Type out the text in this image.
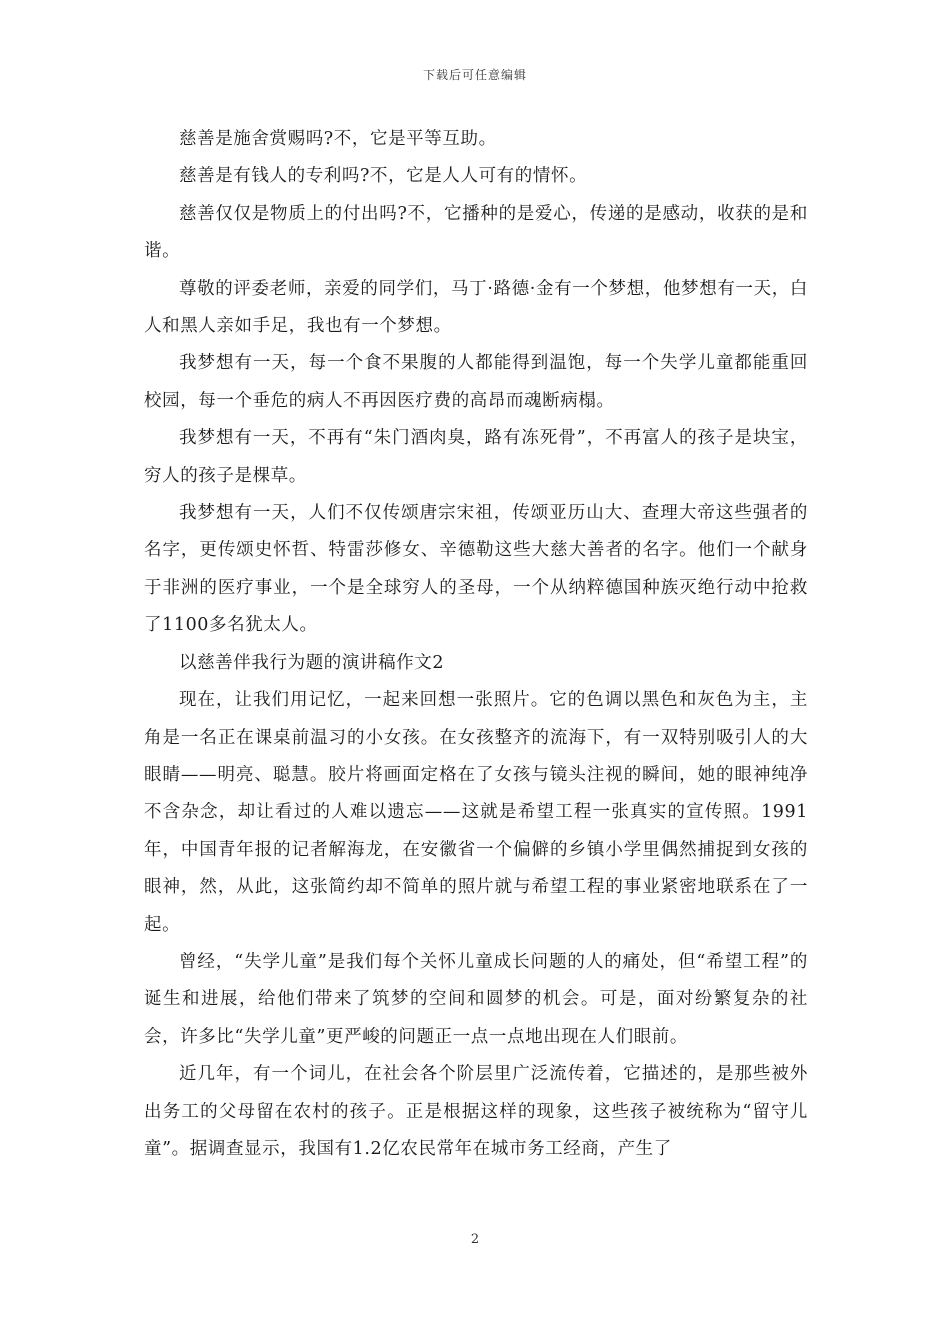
下载后可任意编辑

慈善是施舍赏赐吗?不，它是平等互助。

慈善是有钱人的专利吗?不，它是人人可有的情怀。

慈善仅仅是物质上的付出吗?不，它播种的是爱心，传递的是感动，收获的是和谐。

尊敬的评委老师，亲爱的同学们，马丁·路德·金有一个梦想，他梦想有一天，白人和黑人亲如手足，我也有一个梦想。

我梦想有一天，每一个食不果腹的人都能得到温饱，每一个失学儿童都能重回校园，每一个垂危的病人不再因医疗费的高昂而魂断病榻。

我梦想有一天，不再有“朱门酒肉臭，路有冻死骨”，不再富人的孩子是块宝，穷人的孩子是棵草。

我梦想有一天，人们不仅传颂唐宗宋祖，传颂亚历山大、查理大帝这些强者的名字，更传颂史怀哲、特雷莎修女、辛德勒这些大慈大善者的名字。他们一个献身于非洲的医疗事业，一个是全球穷人的圣母，一个从纳粹德国种族灭绝行动中抢救了1100多名犹太人。

以慈善伴我行为题的演讲稿作文2

现在，让我们用记忆，一起来回想一张照片。它的色调以黑色和灰色为主，主角是一名正在课桌前温习的小女孩。在女孩整齐的流海下，有一双特别吸引人的大眼睛——明亮、聪慧。胶片将画面定格在了女孩与镜头注视的瞬间，她的眼神纯净不含杂念，却让看过的人难以遗忘——这就是希望工程一张真实的宣传照。1991年，中国青年报的记者解海龙，在安徽省一个偏僻的乡镇小学里偶然捕捉到女孩的眼神，然，从此，这张简约却不简单的照片就与希望工程的事业紧密地联系在了一起。

曾经，“失学儿童”是我们每个关怀儿童成长问题的人的痛处，但“希望工程”的诞生和进展，给他们带来了筑梦的空间和圆梦的机会。可是，面对纷繁复杂的社会，许多比“失学儿童”更严峻的问题正一点一点地出现在人们眼前。

近几年，有一个词儿，在社会各个阶层里广泛流传着，它描述的，是那些被外出务工的父母留在农村的孩子。正是根据这样的现象，这些孩子被统称为“留守儿童”。据调查显示，我国有1.2亿农民常年在城市务工经商，产生了

2
